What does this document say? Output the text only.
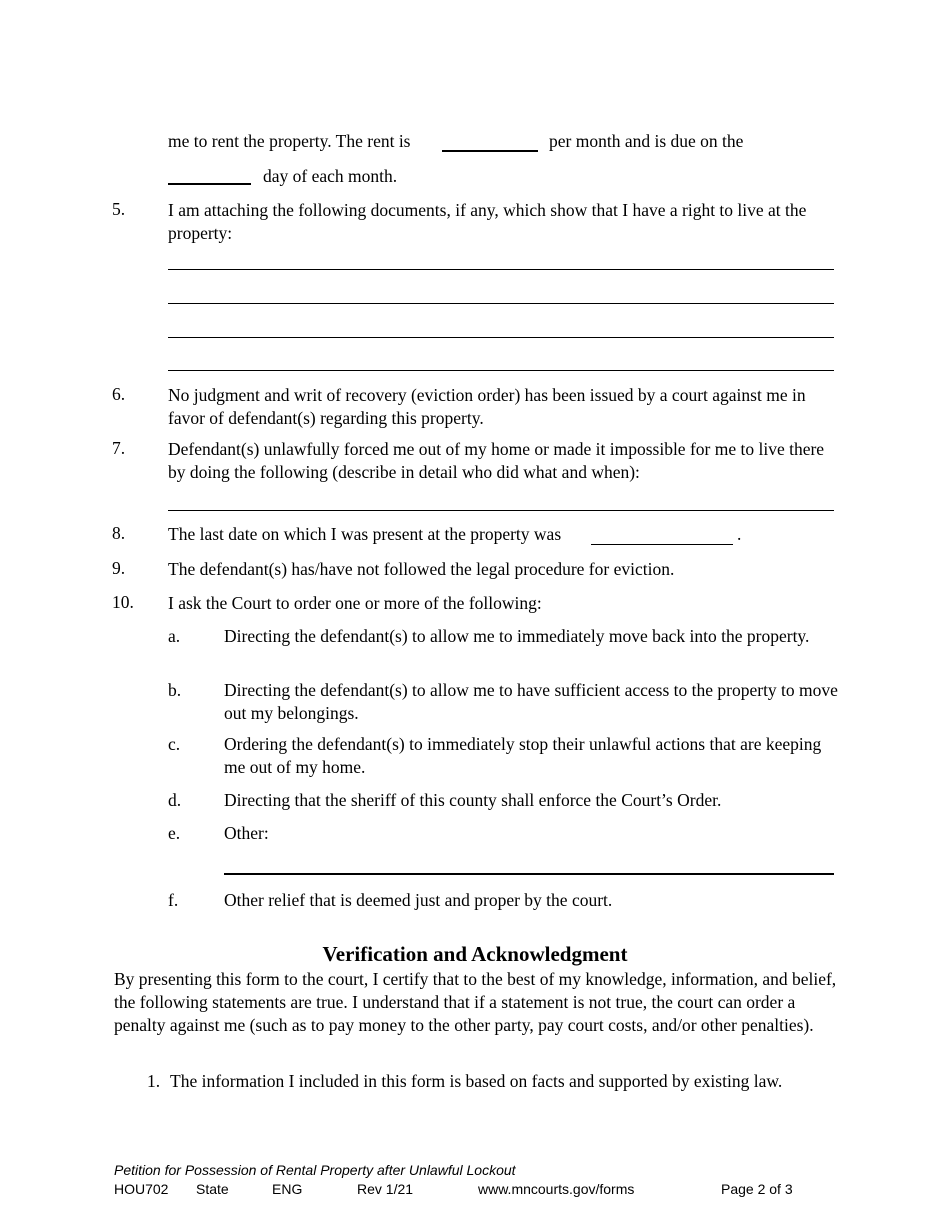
me to rent the property. The rent is	per month and is due on the
day of each month.
5. I am attaching the following documents, if any, which show that I have a right to live at the property:
6. No judgment and writ of recovery (eviction order) has been issued by a court against me in favor of defendant(s) regarding this property.
7. Defendant(s) unlawfully forced me out of my home or made it impossible for me to live there by doing the following (describe in detail who did what and when):
8. The last date on which I was present at the property was	.
9. The defendant(s) has/have not followed the legal procedure for eviction.
10. I ask the Court to order one or more of the following:
a.	Directing the defendant(s) to allow me to immediately move back into the property.
b. Directing the defendant(s) to allow me to have sufficient access to the property to move out my belongings.
c.	Ordering the defendant(s) to immediately stop their unlawful actions that are keeping me out of my home.
d. Directing that the sheriff of this county shall enforce the Court’s Order.
e.	Other:
f.	Other relief that is deemed just and proper by the court.
Verification and Acknowledgment
By presenting this form to the court, I certify that to the best of my knowledge, information, and belief, the following statements are true. I understand that if a statement is not true, the court can order a penalty against me (such as to pay money to the other party, pay court costs, and/or other penalties).
1. The information I included in this form is based on facts and supported by existing law.
Petition for Possession of Rental Property after Unlawful Lockout
HOU702 State	ENG	Rev 1/21	www.mncourts.gov/forms	Page 2 of 3
